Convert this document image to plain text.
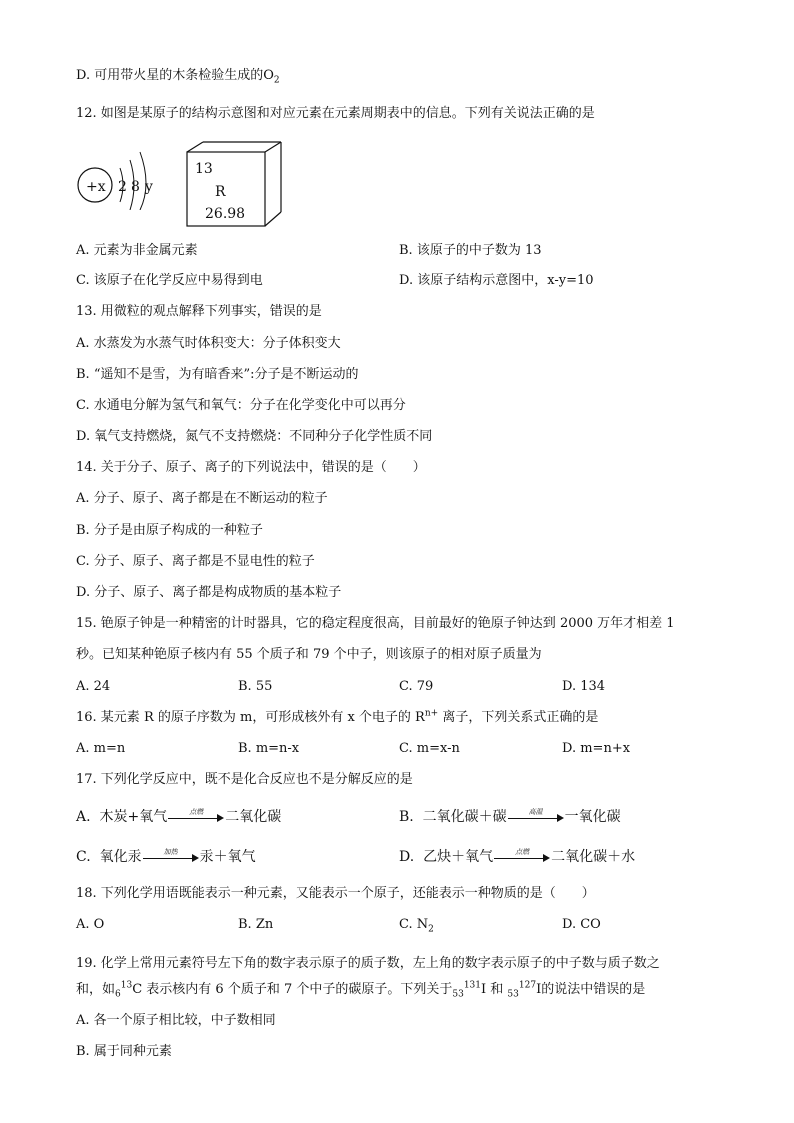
D. 可用带火星的木条检验生成的$O_2$
12. 如图是某原子的结构示意图和对应元素在元素周期表中的信息。下列有关说法正确的是
+x 2 8 y
13
R
26.98
A. 元素为非金属元素	B. 该原子的中子数为 13
C. 该原子在化学反应中易得到电	D. 该原子结构示意图中，x-y=10
13. 用微粒的观点解释下列事实，错误的是
A. 水蒸发为水蒸气时体积变大：分子体积变大
B. “遥知不是雪，为有暗香来”:分子是不断运动的
C. 水通电分解为氢气和氧气：分子在化学变化中可以再分
D. 氧气支持燃烧，氮气不支持燃烧：不同种分子化学性质不同
14. 关于分子、原子、离子的下列说法中，错误的是（　　）
A. 分子、原子、离子都是在不断运动的粒子
B. 分子是由原子构成的一种粒子
C. 分子、原子、离子都是不显电性的粒子
D. 分子、原子、离子都是构成物质的基本粒子
15. 铯原子钟是一种精密的计时器具，它的稳定程度很高，目前最好的铯原子钟达到 2000 万年才相差 1
秒。已知某种铯原子核内有 55 个质子和 79 个中子，则该原子的相对原子质量为
A. 24	B. 55	C. 79	D. 134
16. 某元素 R 的原子序数为 m，可形成核外有 x 个电子的 $R^{n+}$ 离子，下列关系式正确的是
A. m=n	B. m=n-x	C. m=x-n	D. m=n+x
17. 下列化学反应中，既不是化合反应也不是分解反应的是
A. 木炭+氧气	点燃	二氧化碳	B. 二氧化碳＋碳	高温	一氧化碳
C. 氧化汞	加热	汞＋氧气	D. 乙炔＋氧气	点燃	二氧化碳＋水
18. 下列化学用语既能表示一种元素，又能表示一个原子，还能表示一种物质的是（　　）
A. O	B. Zn	C. $N_2$	D. CO
19. 化学上常用元素符号左下角的数字表示原子的质子数，左上角的数字表示原子的中子数与质子数之
和，如$_6^{13}$C 表示核内有 6 个质子和 7 个中子的碳原子。下列关于$_{53}^{131}$I 和 $_{53}^{127}$I的说法中错误的是
A. 各一个原子相比较，中子数相同
B. 属于同种元素
